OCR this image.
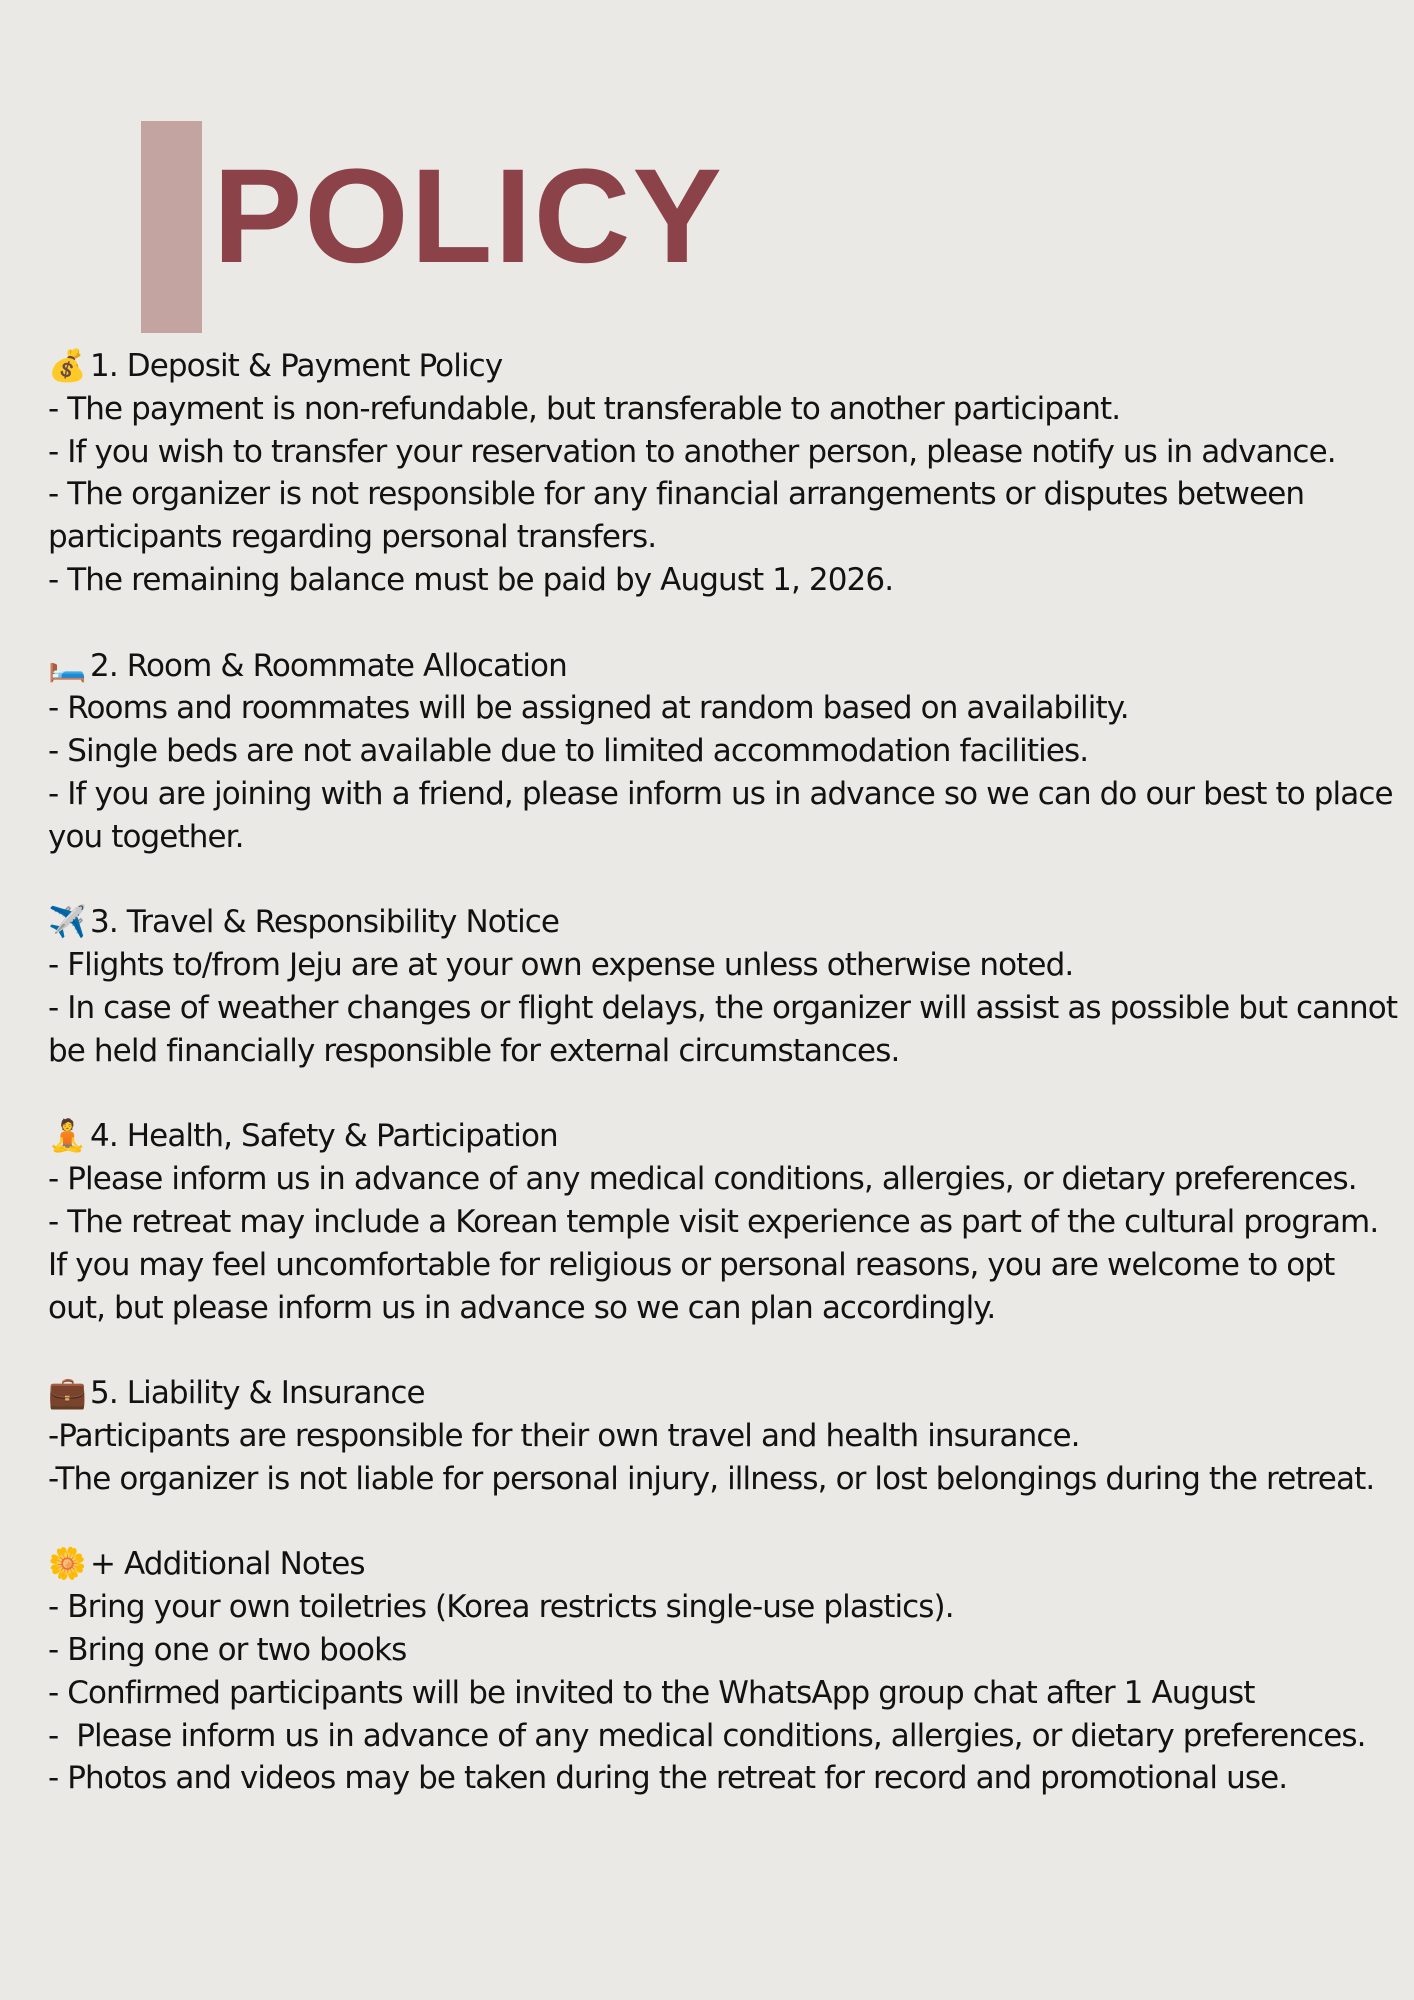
POLICY
💰 1. Deposit & Payment Policy
- The payment is non-refundable, but transferable to another participant.
- If you wish to transfer your reservation to another person, please notify us in advance.
- The organizer is not responsible for any financial arrangements or disputes between participants regarding personal transfers.
- The remaining balance must be paid by August 1, 2026.
🛏️ 2. Room & Roommate Allocation
- Rooms and roommates will be assigned at random based on availability.
- Single beds are not available due to limited accommodation facilities.
- If you are joining with a friend, please inform us in advance so we can do our best to place you together.
✈️ 3. Travel & Responsibility Notice
- Flights to/from Jeju are at your own expense unless otherwise noted.
- In case of weather changes or flight delays, the organizer will assist as possible but cannot be held financially responsible for external circumstances.
🧘 4. Health, Safety & Participation
- Please inform us in advance of any medical conditions, allergies, or dietary preferences.
- The retreat may include a Korean temple visit experience as part of the cultural program. If you may feel uncomfortable for religious or personal reasons, you are welcome to opt out, but please inform us in advance so we can plan accordingly.
💼 5. Liability & Insurance
-Participants are responsible for their own travel and health insurance.
-The organizer is not liable for personal injury, illness, or lost belongings during the retreat.
🌼 + Additional Notes
- Bring your own toiletries (Korea restricts single-use plastics).
- Bring one or two books
- Confirmed participants will be invited to the WhatsApp group chat after 1 August
-  Please inform us in advance of any medical conditions, allergies, or dietary preferences.
- Photos and videos may be taken during the retreat for record and promotional use.
